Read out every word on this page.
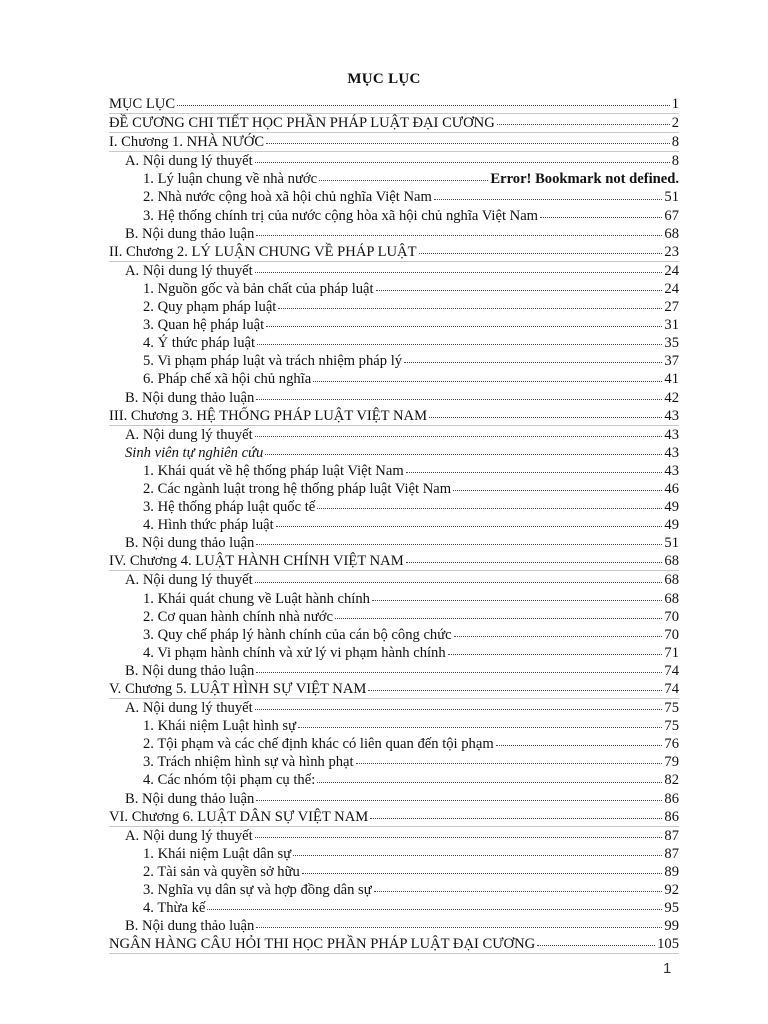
MỤC LỤC
MỤC LỤC	1
ĐỀ CƯƠNG CHI TIẾT HỌC PHẦN PHÁP LUẬT ĐẠI CƯƠNG	2
I. Chương 1. NHÀ NƯỚC	8
A. Nội dung lý thuyết	8
1. Lý luận chung về nhà nước	Error! Bookmark not defined.
2. Nhà nước cộng hoà xã hội chủ nghĩa Việt Nam	51
3. Hệ thống chính trị của nước cộng hòa xã hội chủ nghĩa Việt Nam	67
B. Nội dung thảo luận	68
II. Chương 2. LÝ LUẬN CHUNG VỀ PHÁP LUẬT	23
A. Nội dung lý thuyết	24
1. Nguồn gốc và bản chất của pháp luật	24
2. Quy phạm pháp luật	27
3. Quan hệ pháp luật	31
4. Ý thức pháp luật	35
5. Vi phạm pháp luật và trách nhiệm pháp lý	37
6. Pháp chế xã hội chủ nghĩa	41
B. Nội dung thảo luận	42
III. Chương 3. HỆ THỐNG PHÁP LUẬT VIỆT NAM	43
A. Nội dung lý thuyết	43
Sinh viên tự nghiên cứu	43
1. Khái quát về hệ thống pháp luật Việt Nam	43
2. Các ngành luật trong hệ thống pháp luật Việt Nam	46
3. Hệ thống pháp luật quốc tế	49
4. Hình thức pháp luật	49
B. Nội dung thảo luận	51
IV. Chương 4. LUẬT HÀNH CHÍNH VIỆT NAM	68
A. Nội dung lý thuyết	68
1. Khái quát chung về Luật hành chính	68
2. Cơ quan hành chính nhà nước	70
3. Quy chế pháp lý hành chính của cán bộ công chức	70
4. Vi phạm hành chính và xử lý vi phạm hành chính	71
B. Nội dung thảo luận	74
V. Chương 5. LUẬT HÌNH SỰ VIỆT NAM	74
A. Nội dung lý thuyết	75
1. Khái niệm Luật hình sự	75
2. Tội phạm và các chế định khác có liên quan đến tội phạm	76
3. Trách nhiệm hình sự và hình phạt	79
4. Các nhóm tội phạm cụ thể:	82
B. Nội dung thảo luận	86
VI. Chương 6. LUẬT DÂN SỰ VIỆT NAM	86
A. Nội dung lý thuyết	87
1. Khái niệm Luật dân sự	87
2. Tài sản và quyền sở hữu	89
3. Nghĩa vụ dân sự và hợp đồng dân sự	92
4. Thừa kế	95
B. Nội dung thảo luận	99
NGÂN HÀNG CÂU HỎI THI HỌC PHẦN PHÁP LUẬT ĐẠI CƯƠNG	105
1
